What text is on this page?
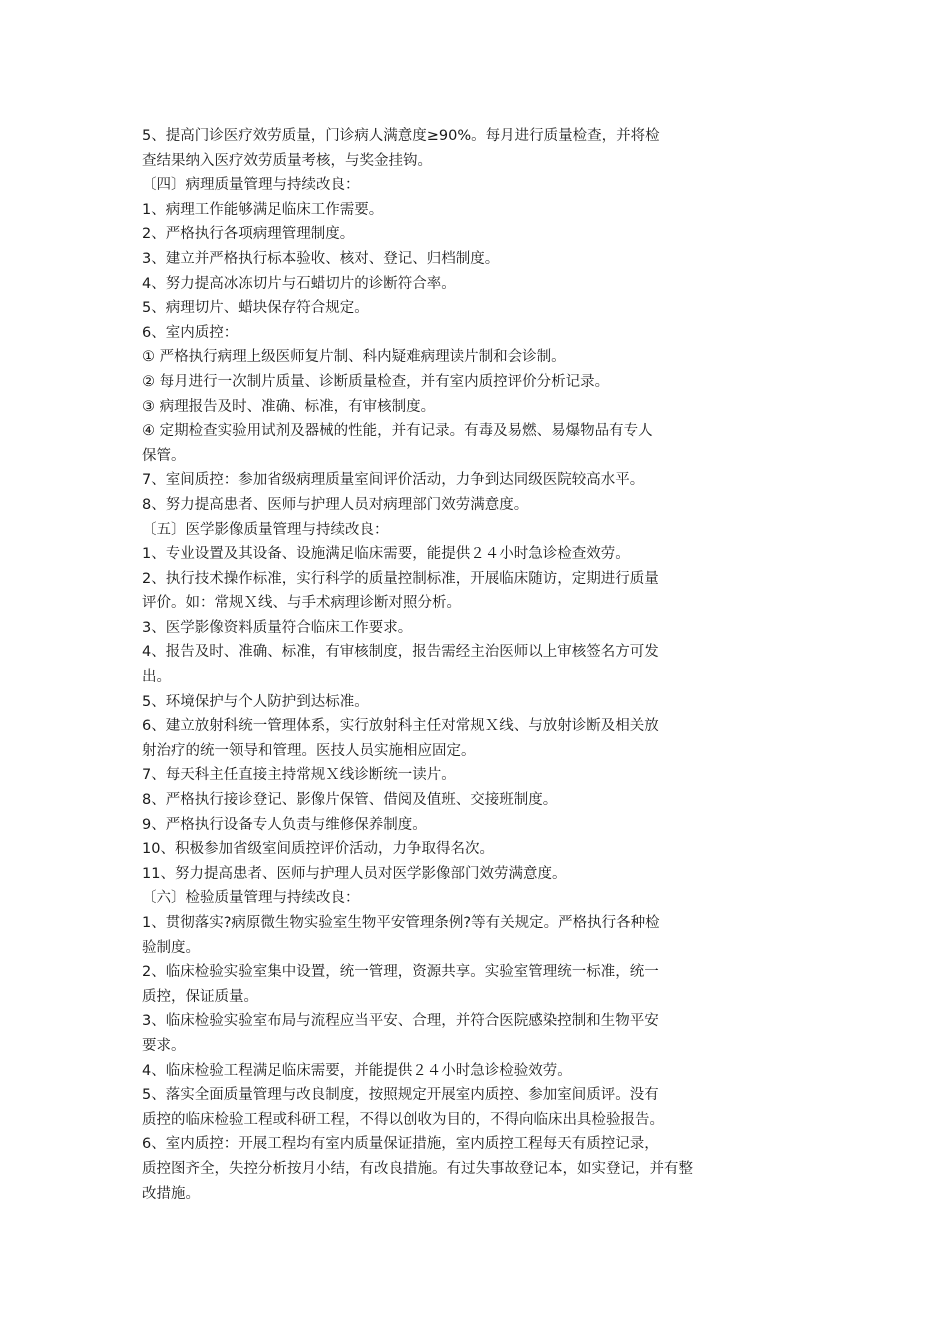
5、提高门诊医疗效劳质量，门诊病人满意度≥90%。每月进行质量检查，并将检
查结果纳入医疗效劳质量考核，与奖金挂钩。
〔四〕病理质量管理与持续改良：
1、病理工作能够满足临床工作需要。
2、严格执行各项病理管理制度。
3、建立并严格执行标本验收、核对、登记、归档制度。
4、努力提高冰冻切片与石蜡切片的诊断符合率。
5、病理切片、蜡块保存符合规定。
6、室内质控：
① 严格执行病理上级医师复片制、科内疑难病理读片制和会诊制。
② 每月进行一次制片质量、诊断质量检查，并有室内质控评价分析记录。
③ 病理报告及时、准确、标准，有审核制度。
④ 定期检查实验用试剂及器械的性能，并有记录。有毒及易燃、易爆物品有专人
保管。
7、室间质控：参加省级病理质量室间评价活动，力争到达同级医院较高水平。
8、努力提高患者、医师与护理人员对病理部门效劳满意度。
〔五〕医学影像质量管理与持续改良：
1、专业设置及其设备、设施满足临床需要，能提供２４小时急诊检查效劳。
2、执行技术操作标准，实行科学的质量控制标准，开展临床随访，定期进行质量
评价。如：常规Ｘ线、与手术病理诊断对照分析。
3、医学影像资料质量符合临床工作要求。
4、报告及时、准确、标准，有审核制度，报告需经主治医师以上审核签名方可发
出。
5、环境保护与个人防护到达标准。
6、建立放射科统一管理体系，实行放射科主任对常规Ｘ线、与放射诊断及相关放
射治疗的统一领导和管理。医技人员实施相应固定。
7、每天科主任直接主持常规Ｘ线诊断统一读片。
8、严格执行接诊登记、影像片保管、借阅及值班、交接班制度。
9、严格执行设备专人负责与维修保养制度。
10、积极参加省级室间质控评价活动，力争取得名次。
11、努力提高患者、医师与护理人员对医学影像部门效劳满意度。
〔六〕检验质量管理与持续改良：
1、贯彻落实?病原微生物实验室生物平安管理条例?等有关规定。严格执行各种检
验制度。
2、临床检验实验室集中设置，统一管理，资源共享。实验室管理统一标准，统一
质控，保证质量。
3、临床检验实验室布局与流程应当平安、合理，并符合医院感染控制和生物平安
要求。
4、临床检验工程满足临床需要，并能提供２４小时急诊检验效劳。
5、落实全面质量管理与改良制度，按照规定开展室内质控、参加室间质评。没有
质控的临床检验工程或科研工程，不得以创收为目的，不得向临床出具检验报告。
6、室内质控：开展工程均有室内质量保证措施，室内质控工程每天有质控记录，
质控图齐全，失控分析按月小结，有改良措施。有过失事故登记本，如实登记，并有整
改措施。
